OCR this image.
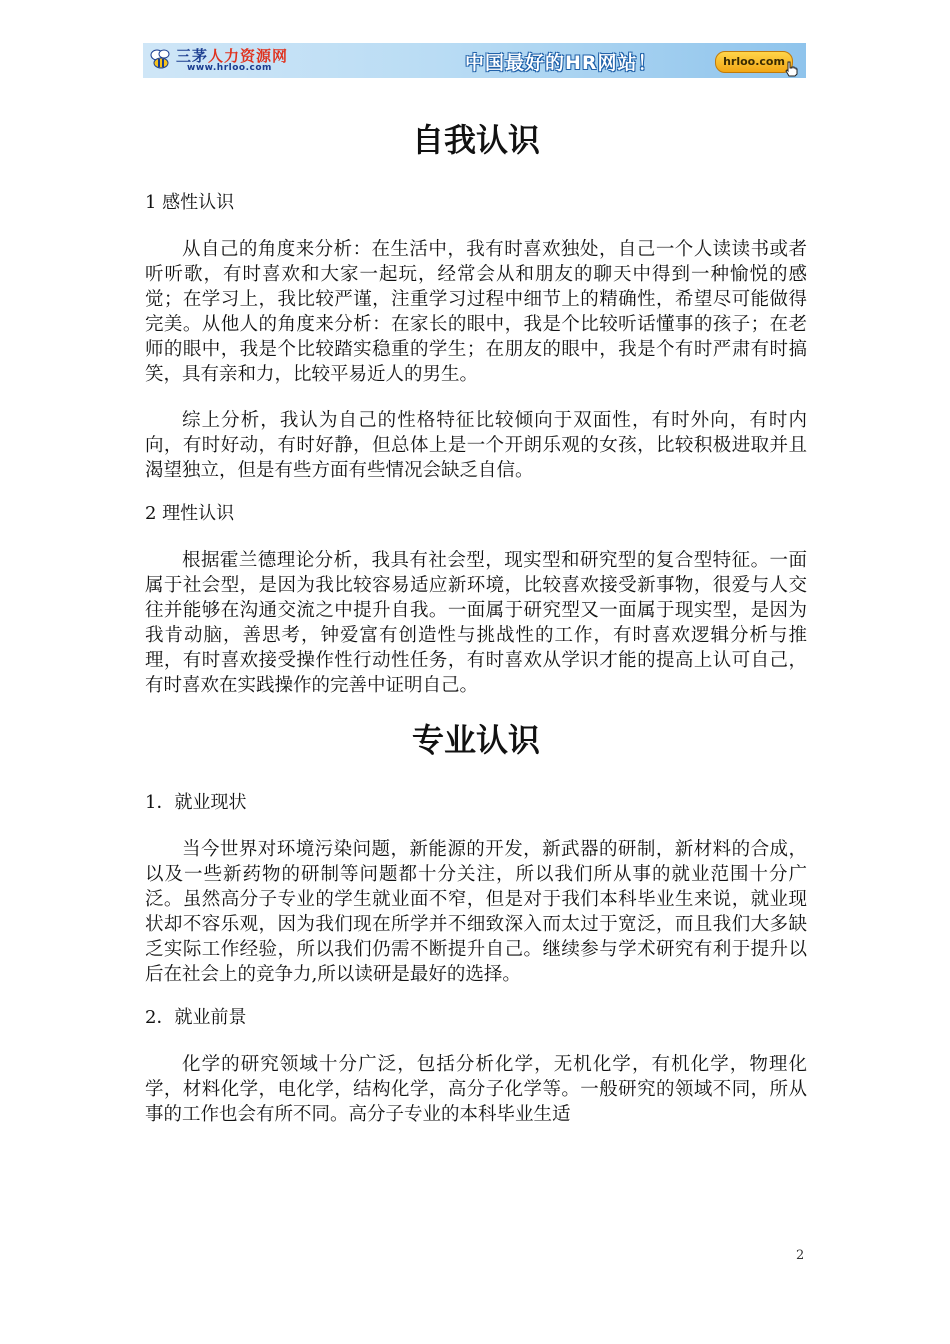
三茅人力资源网
www.hrloo.com	中国最好的HR网站！	hrloo.com
自我认识
1 感性认识

从自己的角度来分析：在生活中，我有时喜欢独处，自己一个人读读书或者听听歌，有时喜欢和大家一起玩，经常会从和朋友的聊天中得到一种愉悦的感觉；在学习上，我比较严谨，注重学习过程中细节上的精确性，希望尽可能做得完美。从他人的角度来分析：在家长的眼中，我是个比较听话懂事的孩子；在老师的眼中，我是个比较踏实稳重的学生；在朋友的眼中，我是个有时严肃有时搞笑，具有亲和力，比较平易近人的男生。

综上分析，我认为自己的性格特征比较倾向于双面性，有时外向，有时内向，有时好动，有时好静，但总体上是一个开朗乐观的女孩，比较积极进取并且渴望独立，但是有些方面有些情况会缺乏自信。

2 理性认识

根据霍兰德理论分析，我具有社会型，现实型和研究型的复合型特征。一面属于社会型，是因为我比较容易适应新环境，比较喜欢接受新事物，很爱与人交往并能够在沟通交流之中提升自我。一面属于研究型又一面属于现实型，是因为我肯动脑，善思考，钟爱富有创造性与挑战性的工作，有时喜欢逻辑分析与推理，有时喜欢接受操作性行动性任务，有时喜欢从学识才能的提高上认可自己，有时喜欢在实践操作的完善中证明自己。

专业认识
1．就业现状

当今世界对环境污染问题，新能源的开发，新武器的研制，新材料的合成，以及一些新药物的研制等问题都十分关注，所以我们所从事的就业范围十分广泛。虽然高分子专业的学生就业面不窄，但是对于我们本科毕业生来说，就业现状却不容乐观，因为我们现在所学并不细致深入而太过于宽泛，而且我们大多缺乏实际工作经验，所以我们仍需不断提升自己。继续参与学术研究有利于提升以后在社会上的竞争力,所以读研是最好的选择。

2．就业前景

化学的研究领域十分广泛，包括分析化学，无机化学，有机化学，物理化学，材料化学，电化学，结构化学，高分子化学等。一般研究的领域不同，所从事的工作也会有所不同。高分子专业的本科毕业生适

2
